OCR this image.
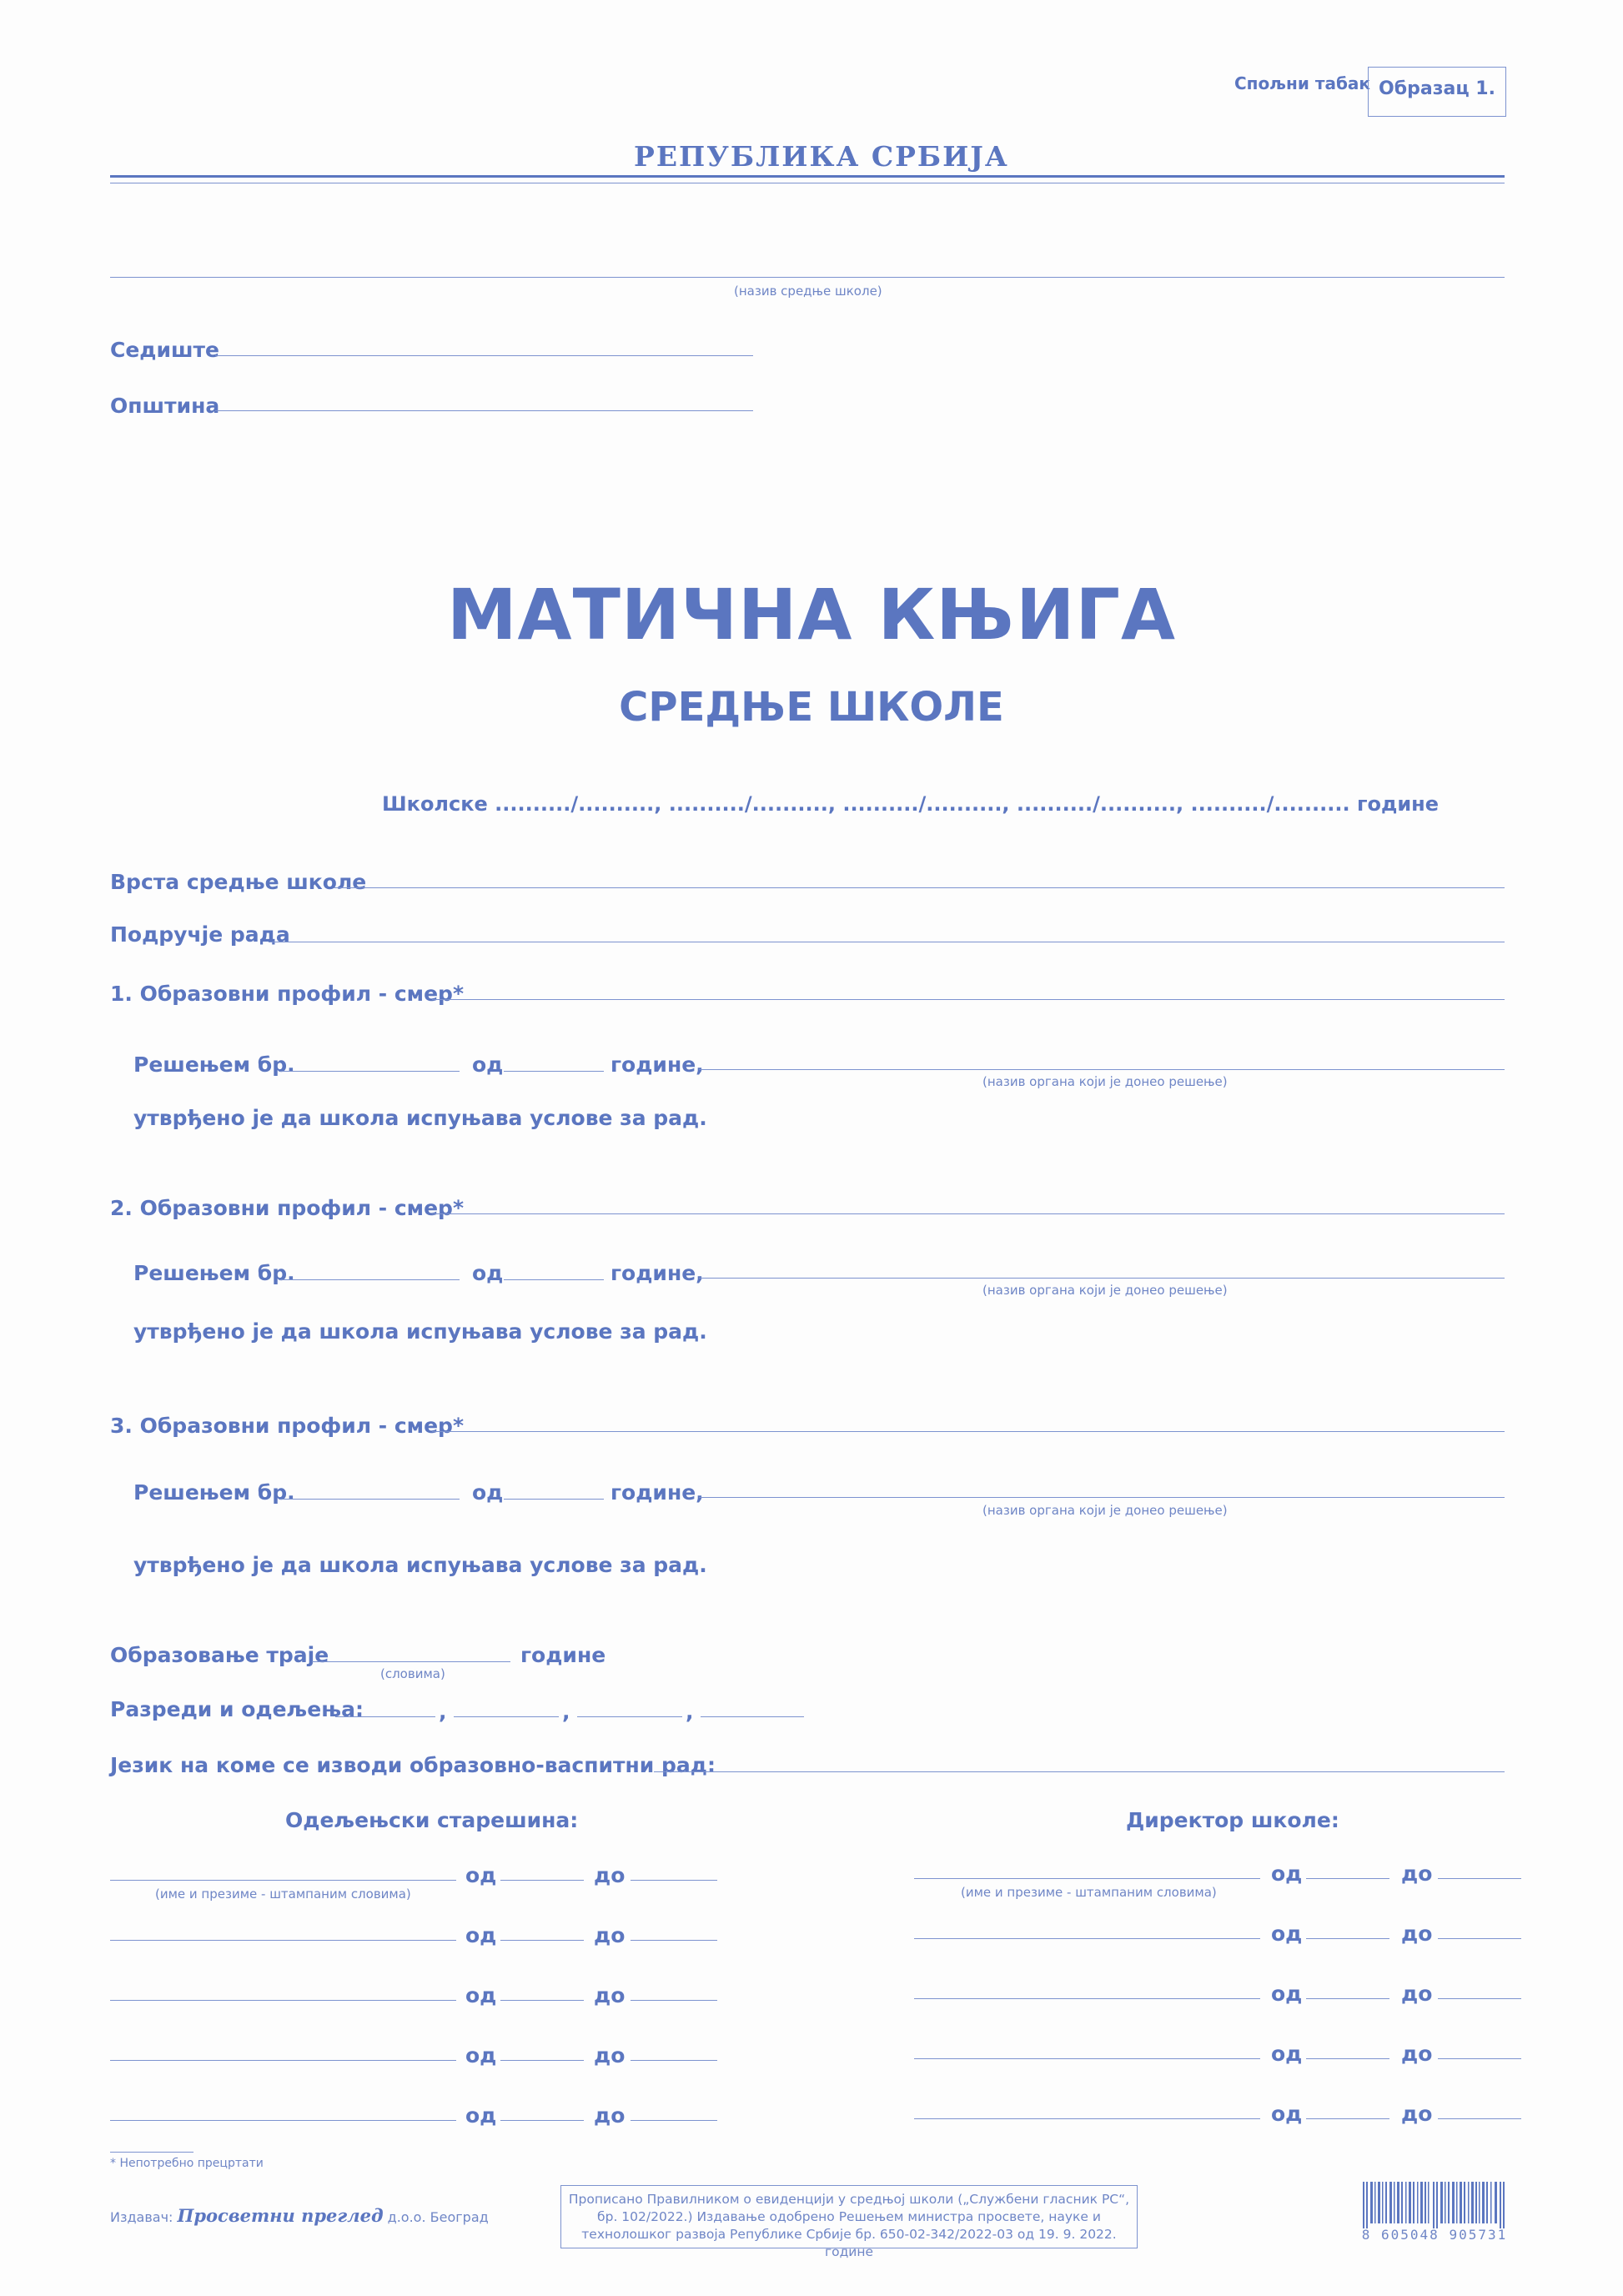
Спољни табак Образац 1.
РЕПУБЛИКА СРБИЈА
(назив средње школе)
Седиште
Општина
МАТИЧНА КЊИГА
СРЕДЊЕ ШКОЛЕ
Школске ........../.........., ........../.........., ........../.........., ........../.........., ........../.......... године
Врста средње школе
Подручје рада
1. Образовни профил - смер*
Решењем бр.	од	године,
(назив органа који је донео решење)
утврђено је да школа испуњава услове за рад.
2. Образовни профил - смер*
Решењем бр.	од	године,
(назив органа који је донео решење)
утврђено је да школа испуњава услове за рад.
3. Образовни профил - смер*
Решењем бр.	од	године,
(назив органа који је донео решење)
утврђено је да школа испуњава услове за рад.
Образовање траје
(словима)
године
Разреди и одељења:	,	,	,
Језик на коме се изводи образовно-васпитни рад:
Одељењски старешина:	Директор школе:
од	до
(име и презиме - штампаним словима)
од	до
од	до
од	до
од	до
од	до
(име и презиме - штампаним словима)
од	до
од	до
од	до
од	до
* Непотребно прецртати
Издавач: Просветни преглед д.о.о. Београд
Прописано Правилником о евиденцији у средњој школи („Службени гласник РС“, бр. 102/2022.) Издавање одобрено Решењем министра просвете, науке и технолошког развоја Републике Србије бр. 650-02-342/2022-03 од 19. 9. 2022. године
8 605048 905731
